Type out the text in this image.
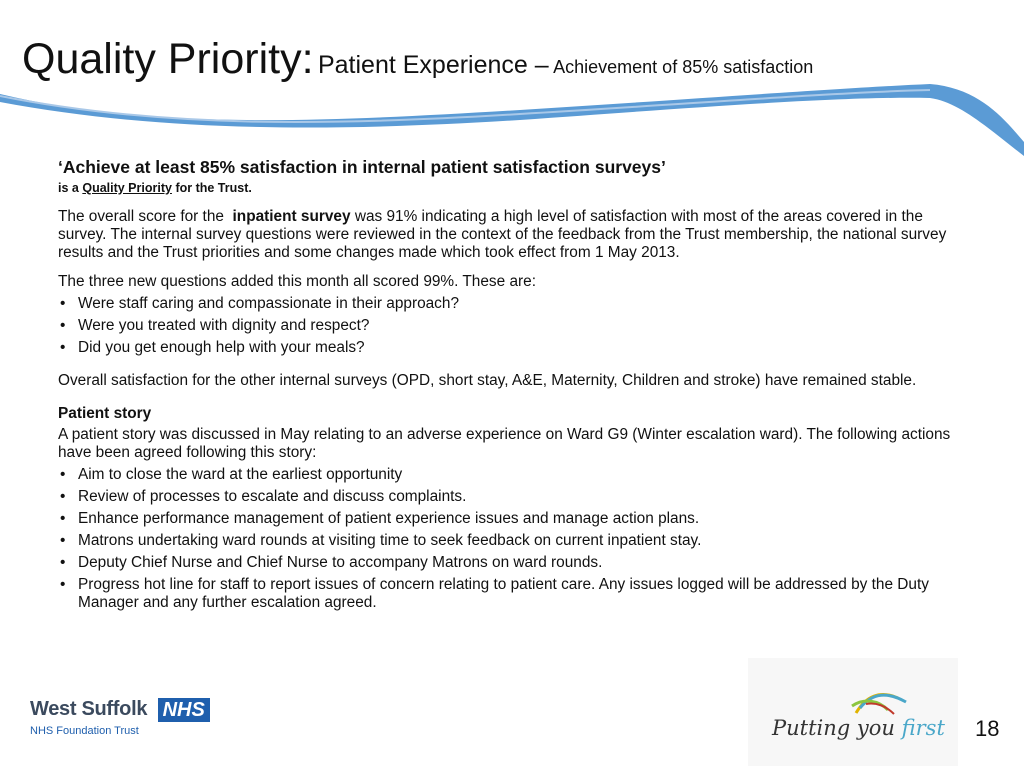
Quality Priority: Patient Experience – Achievement of 85% satisfaction

‘Achieve at least 85% satisfaction in internal patient satisfaction surveys’

is a Quality Priority for the Trust.

The overall score for the inpatient survey was 91% indicating a high level of satisfaction with most of the areas covered in the survey. The internal survey questions were reviewed in the context of the feedback from the Trust membership, the national survey results and the Trust priorities and some changes made which took effect from 1 May 2013.

The three new questions added this month all scored 99%. These are:

• Were staff caring and compassionate in their approach?
• Were you treated with dignity and respect?
• Did you get enough help with your meals?

Overall satisfaction for the other internal surveys (OPD, short stay, A&E, Maternity, Children and stroke) have remained stable.

Patient story

A patient story was discussed in May relating to an adverse experience on Ward G9 (Winter escalation ward). The following actions have been agreed following this story:

• Aim to close the ward at the earliest opportunity
• Review of processes to escalate and discuss complaints.
• Enhance performance management of patient experience issues and manage action plans.
• Matrons undertaking ward rounds at visiting time to seek feedback on current inpatient stay.
• Deputy Chief Nurse and Chief Nurse to accompany Matrons on ward rounds.
• Progress hot line for staff to report issues of concern relating to patient care. Any issues logged will be addressed by the Duty Manager and any further escalation agreed.
West Suffolk NHS
NHS Foundation Trust	Putting you first 18
